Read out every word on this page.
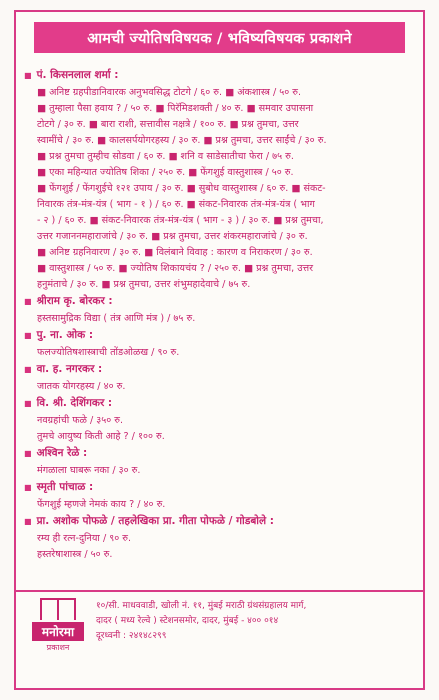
आमची ज्योतिषविषयक / भविष्यविषयक प्रकाशने
■ पं. किसनलाल शर्मा :
■ अनिष्ट ग्रहपीडानिवारक अनुभवसिद्ध टोटगे / ६० रु. ■ अंकशास्त्र / ५० रु.
■ तुम्हाला पैसा हवाय ? / ५० रु. ■ पिरॅमिडशक्ती / ४० रु. ■ समवार उपासना
टोटगे / ३० रु. ■ बारा राशी, सत्तावीस नक्षत्रे / १०० रु. ■ प्रश्न तुमचा, उत्तर
स्वामींचे / ३० रु. ■ कालसर्पयोगरहस्य / ३० रु. ■ प्रश्न तुमचा, उत्तर साईंचे / ३० रु.
■ प्रश्न तुमचा तुम्हीच सोडवा / ६० रु. ■ शनि व साडेसातीचा फेरा / ७५ रु.
■ एका महिन्यात ज्योतिष शिका / २५० रु. ■ फेंगशुई वास्तुशास्त्र / ५० रु.
■ फेंगशुई / फेंगशुईचे १२१ उपाय / ३० रु. ■ सुबोध वास्तुशास्त्र / ६० रु. ■ संकट-
निवारक तंत्र-मंत्र-यंत्र ( भाग - १ ) / ६० रु. ■ संकट-निवारक तंत्र-मंत्र-यंत्र ( भाग
- २ ) / ६० रु. ■ संकट-निवारक तंत्र-मंत्र-यंत्र ( भाग - ३ ) / ३० रु. ■ प्रश्न तुमचा,
उत्तर गजाननमहाराजांचे / ३० रु. ■ प्रश्न तुमचा, उत्तर शंकरमहाराजांचे / ३० रु.
■ अनिष्ट ग्रहनिवारण / ३० रु. ■ विलंबाने विवाह : कारण व निराकरण / ३० रु.
■ वास्तुशास्त्र / ५० रु. ■ ज्योतिष शिकायचंय ? / २५० रु. ■ प्रश्न तुमचा, उत्तर
हनुमंताचे / ३० रु. ■ प्रश्न तुमचा, उत्तर शंभुमहादेवाचे / ७५ रु.
■ श्रीराम कृ. बोरकर :
हस्तसामुद्रिक विद्या ( तंत्र आणि मंत्र ) / ७५ रु.
■ पु. ना. ओक :
फलज्योतिषशास्त्राची तोंडओळख / ९० रु.
■ वा. ह. नगरकर :
जातक योगरहस्य / ४० रु.
■ वि. श्री. देशिंगकर :
नवग्रहांची फळे / ३५० रु.
तुमचे आयुष्य किती आहे ? / १०० रु.
■ अश्विन रेळे :
मंगळाला घाबरू नका / ३० रु.
■ स्मृती पांचाळ :
फेंगशुई म्हणजे नेमकं काय ? / ४० रु.
■ प्रा. अशोक पोफळे / तहलेखिका प्रा. गीता पोफळे / गोडबोले :
रम्य ही रत्न-दुनिया / ९० रु.
हस्तरेषाशास्त्र / ५० रु.
मनोरमा
प्रकाशन
१०/सी. माधववाडी, खोली नं. ११, मुंबई मराठी ग्रंथसंग्रहालय मार्ग,
दादर ( मध्य रेल्वे ) स्टेशनसमोर, दादर, मुंबई - ४०० ०१४
दूरध्वनी : २४१४८२९९
